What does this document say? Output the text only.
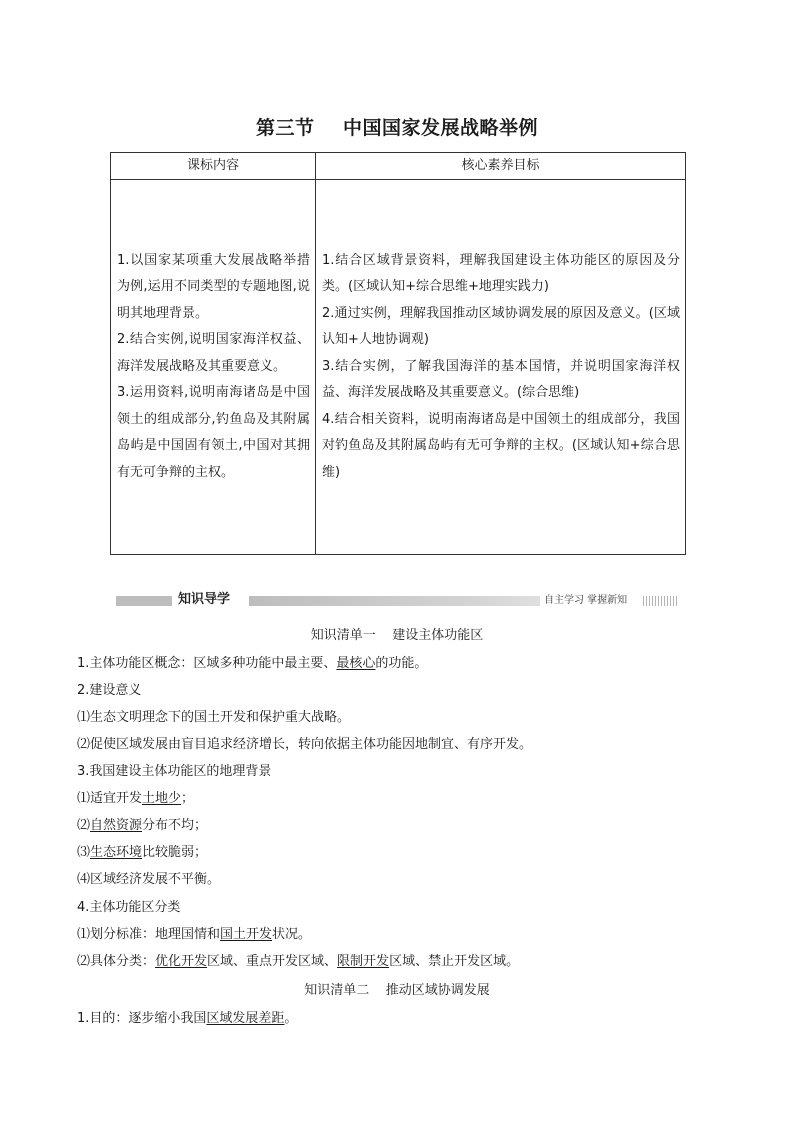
第三节    中国国家发展战略举例
课标内容	核心素养目标

1.以国家某项重大发展战略举措为例,运用不同类型的专题地图,说明其地理背景。
2.结合实例,说明国家海洋权益、海洋发展战略及其重要意义。
3.运用资料,说明南海诸岛是中国领土的组成部分,钓鱼岛及其附属岛屿是中国固有领土,中国对其拥有无可争辩的主权。	1.结合区域背景资料，理解我国建设主体功能区的原因及分类。(区域认知+综合思维+地理实践力)
2.通过实例，理解我国推动区域协调发展的原因及意义。(区域认知+人地协调观)
3.结合实例，了解我国海洋的基本国情，并说明国家海洋权益、海洋发展战略及其重要意义。(综合思维)
4.结合相关资料，说明南海诸岛是中国领土的组成部分，我国对钓鱼岛及其附属岛屿有无可争辩的主权。(区域认知+综合思维)
知识导学	自主学习 掌握新知
知识清单一    建设主体功能区
1.主体功能区概念：区域多种功能中最主要、最核心的功能。
2.建设意义
⑴生态文明理念下的国土开发和保护重大战略。
⑵促使区域发展由盲目追求经济增长，转向依据主体功能因地制宜、有序开发。
3.我国建设主体功能区的地理背景
⑴适宜开发土地少；
⑵自然资源分布不均；
⑶生态环境比较脆弱；
⑷区域经济发展不平衡。
4.主体功能区分类
⑴划分标准：地理国情和国土开发状况。
⑵具体分类：优化开发区域、重点开发区域、限制开发区域、禁止开发区域。
知识清单二    推动区域协调发展
1.目的：逐步缩小我国区域发展差距。
